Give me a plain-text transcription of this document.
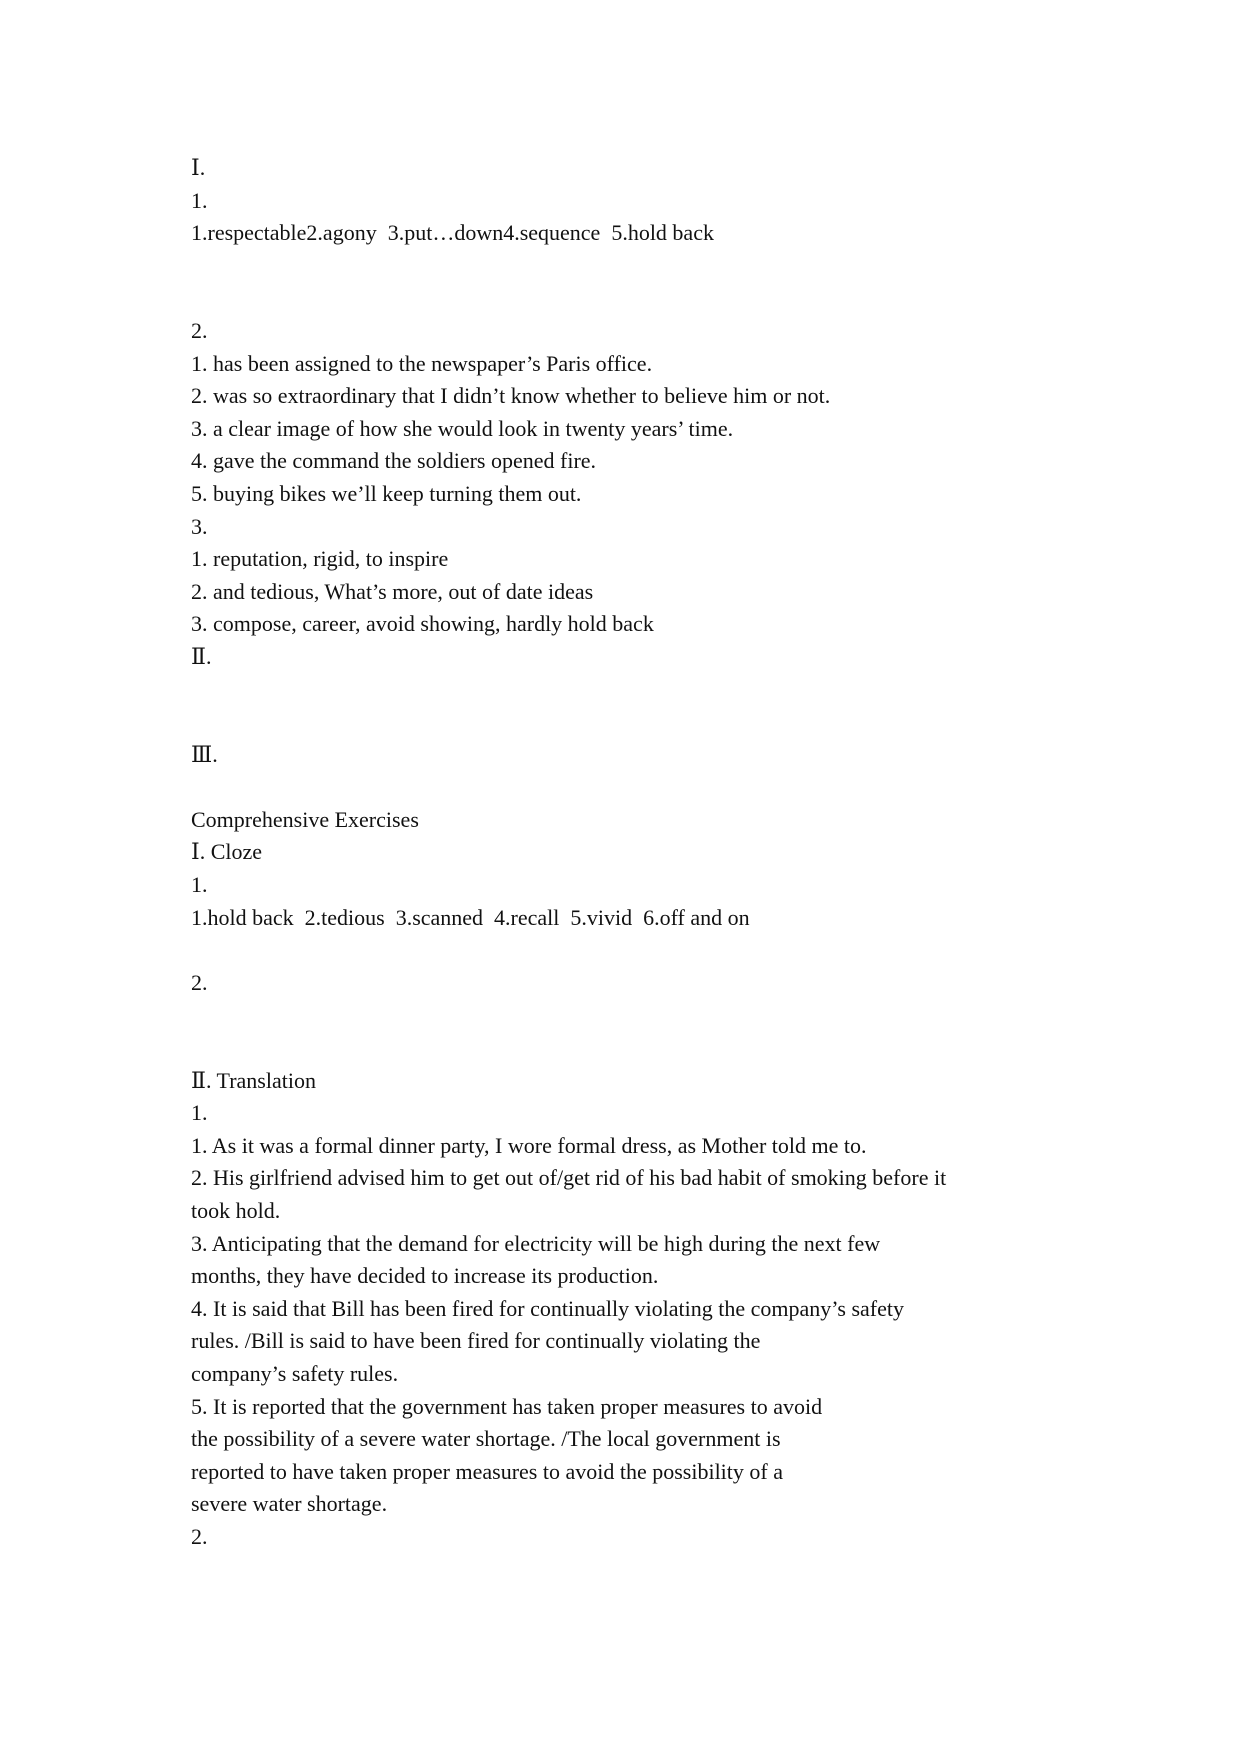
Ⅰ.
1.
1.respectable2.agony  3.put…down4.sequence  5.hold back
2.
1. has been assigned to the newspaper’s Paris office.
2. was so extraordinary that I didn’t know whether to believe him or not.
3. a clear image of how she would look in twenty years’ time.
4. gave the command the soldiers opened fire.
5. buying bikes we’ll keep turning them out.
3.
1. reputation, rigid, to inspire
2. and tedious, What’s more, out of date ideas
3. compose, career, avoid showing, hardly hold back
Ⅱ.
Ⅲ.
Comprehensive Exercises
Ⅰ. Cloze
1.
1.hold back  2.tedious  3.scanned  4.recall  5.vivid  6.off and on
2.
Ⅱ. Translation
1.
1. As it was a formal dinner party, I wore formal dress, as Mother told me to.
2. His girlfriend advised him to get out of/get rid of his bad habit of smoking before it
took hold.
3. Anticipating that the demand for electricity will be high during the next few
months, they have decided to increase its production.
4. It is said that Bill has been fired for continually violating the company’s safety
rules. /Bill is said to have been fired for continually violating the
company’s safety rules.
5. It is reported that the government has taken proper measures to avoid
the possibility of a severe water shortage. /The local government is
reported to have taken proper measures to avoid the possibility of a
severe water shortage.
2.
